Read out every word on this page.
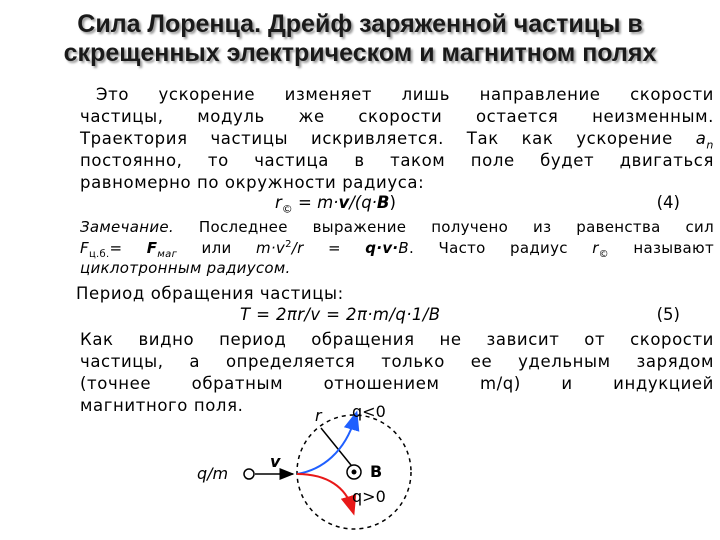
Сила Лоренца. Дрейф заряженной частицы в
скрещенных электрическом и магнитном полях
Это ускорение изменяет лишь направление скорости
частицы, модуль же скорости остается неизменным.
Траектория частицы искривляется. Так как ускорение $a_n$
постоянно, то частица в таком поле будет двигаться
равномерно по окружности радиуса:
$r_© = m\cdot v/(q\cdot B)$	(4)
Замечание. Последнее выражение получено из равенства сил
$F_{ц.б.}= F_{маг}$ или $m\cdot v^2/r = q\cdot v\cdot B$. Часто радиус $r_©$ называют
циклотронным радиусом.
Период обращения частицы:
T = 2πr/v = 2π·m/q·1/B	(5)
Как видно период обращения не зависит от скорости
частицы, а определяется только ее удельным зарядом
(точнее обратным отношением m/q) и индукцией
магнитного поля.
r q<0
q>0
q/m
v
B
